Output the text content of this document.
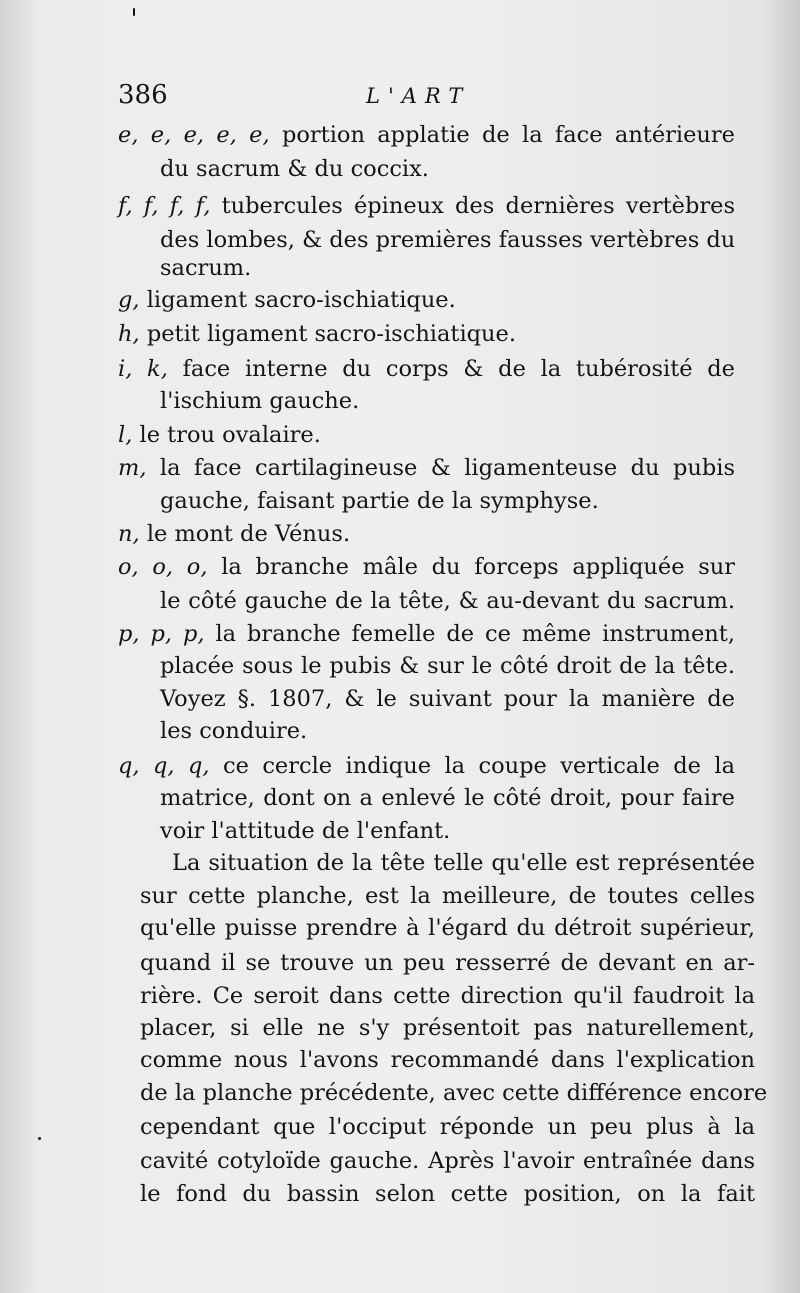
386	L'ART
e, e, e, e, e, portion applatie de la face antérieure
du sacrum & du coccix.
f, f, f, f, tubercules épineux des dernières vertèbres
des lombes, & des premières fausses vertèbres du
sacrum.
g, ligament sacro-ischiatique.
h, petit ligament sacro-ischiatique.
i, k, face interne du corps & de la tubérosité de
l'ischium gauche.
l, le trou ovalaire.
m, la face cartilagineuse & ligamenteuse du pubis
gauche, faisant partie de la symphyse.
n, le mont de Vénus.
o, o, o, la branche mâle du forceps appliquée sur
le côté gauche de la tête, & au-devant du sacrum.
p, p, p, la branche femelle de ce même instrument,
placée sous le pubis & sur le côté droit de la tête.
Voyez §. 1807, & le suivant pour la manière de
les conduire.
q, q, q, ce cercle indique la coupe verticale de la
matrice, dont on a enlevé le côté droit, pour faire
voir l'attitude de l'enfant.
La situation de la tête telle qu'elle est représentée
sur cette planche, est la meilleure, de toutes celles
qu'elle puisse prendre à l'égard du détroit supérieur,
quand il se trouve un peu resserré de devant en ar-
rière. Ce seroit dans cette direction qu'il faudroit la
placer, si elle ne s'y présentoit pas naturellement,
comme nous l'avons recommandé dans l'explication
de la planche précédente, avec cette différence encore
cependant que l'occiput réponde un peu plus à la
cavité cotyloïde gauche. Après l'avoir entraînée dans
le fond du bassin selon cette position, on la fait
